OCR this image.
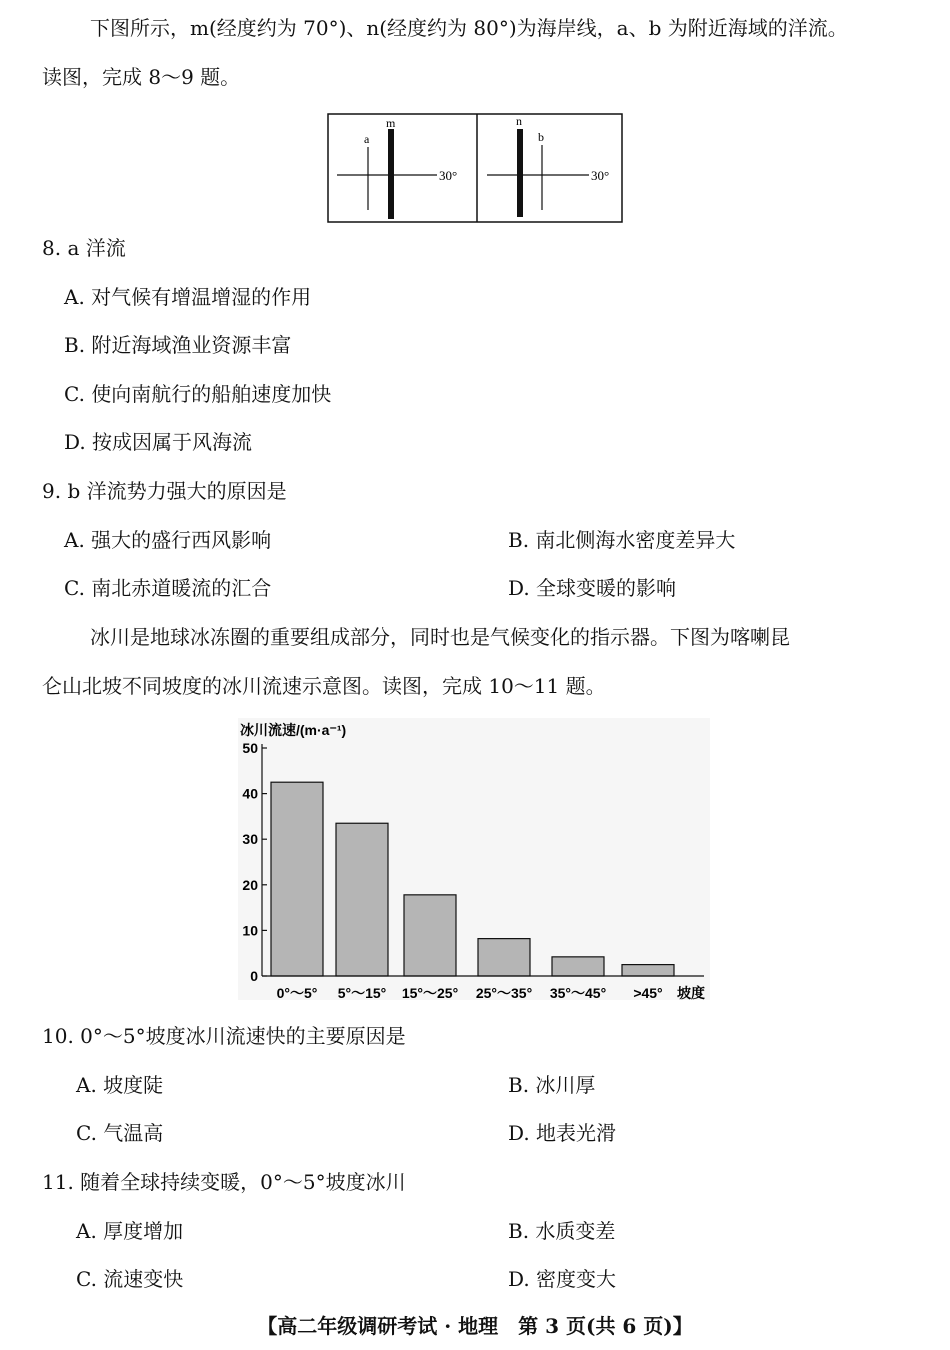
下图所示，m(经度约为 70°)、n(经度约为 80°)为海岸线，a、b 为附近海域的洋流。
读图，完成 8～9 题。
a
m
30°
n
b
30°
8. a 洋流
A. 对气候有增温增湿的作用
B. 附近海域渔业资源丰富
C. 使向南航行的船舶速度加快
D. 按成因属于风海流
9. b 洋流势力强大的原因是
A. 强大的盛行西风影响	B. 南北侧海水密度差异大
C. 南北赤道暖流的汇合	D. 全球变暖的影响
冰川是地球冰冻圈的重要组成部分，同时也是气候变化的指示器。下图为喀喇昆
仑山北坡不同坡度的冰川流速示意图。读图，完成 10～11 题。
冰川流速/(m·a⁻¹)
0
10
20
30
40
50
0°～5° 5°～15° 15°～25° 25°～35° 35°～45° >45° 坡度
10. 0°～5°坡度冰川流速快的主要原因是
A. 坡度陡	B. 冰川厚
C. 气温高	D. 地表光滑
11. 随着全球持续变暖，0°～5°坡度冰川
A. 厚度增加	B. 水质变差
C. 流速变快	D. 密度变大
【高二年级调研考试 · 地理　第 3 页(共 6 页)】
